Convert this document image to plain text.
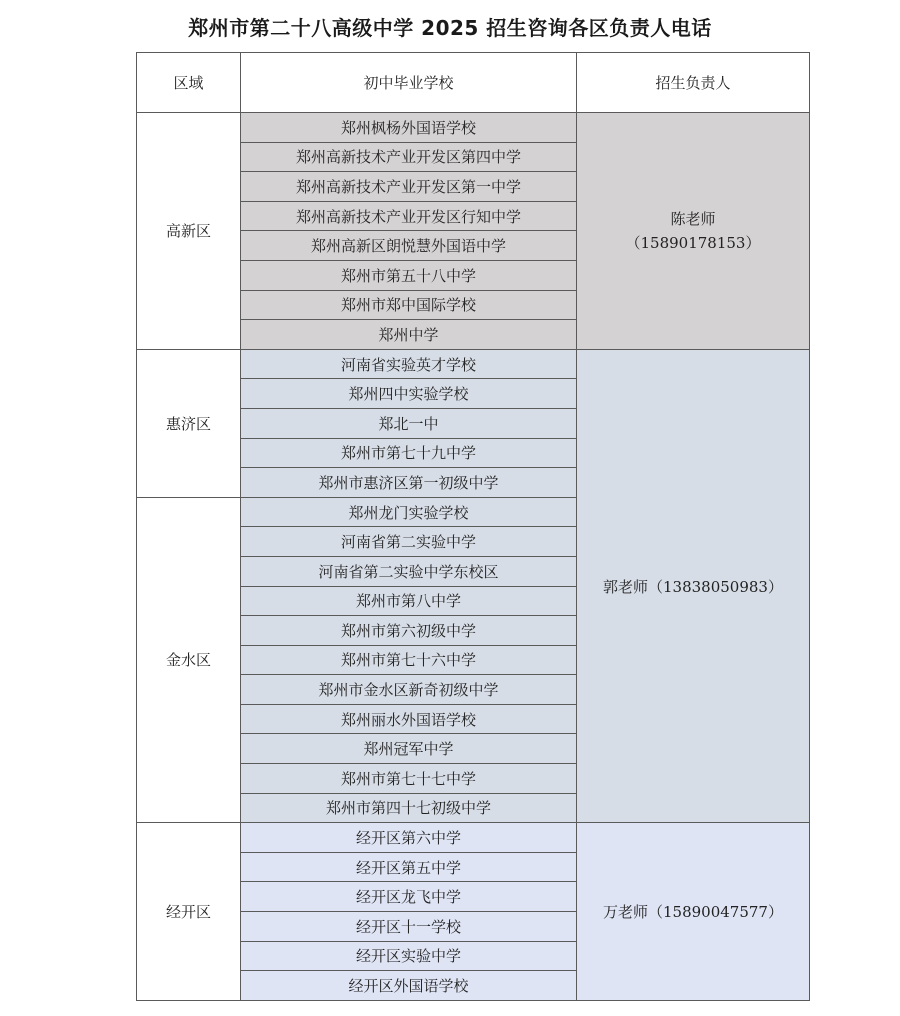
郑州市第二十八高级中学 2025 招生咨询各区负责人电话
区域	初中毕业学校	招生负责人
高新区	郑州枫杨外国语学校	陈老师
（15890178153）

	郑州高新技术产业开发区第四中学	
	郑州高新技术产业开发区第一中学	
	郑州高新技术产业开发区行知中学	
	郑州高新区朗悦慧外国语中学	
	郑州市第五十八中学	
	郑州市郑中国际学校	
	郑州中学	
惠济区	河南省实验英才学校	郭老师（13838050983）
	郑州四中实验学校	
	郑北一中	
	郑州市第七十九中学	
	郑州市惠济区第一初级中学	
金水区	郑州龙门实验学校	
	河南省第二实验中学	
	河南省第二实验中学东校区	
	郑州市第八中学	
	郑州市第六初级中学	
	郑州市第七十六中学	
	郑州市金水区新奇初级中学	
	郑州丽水外国语学校	
	郑州冠军中学	
	郑州市第七十七中学	
	郑州市第四十七初级中学	
经开区	经开区第六中学	万老师（15890047577）
	经开区第五中学	
	经开区龙飞中学	
	经开区十一学校	
	经开区实验中学	
	经开区外国语学校	
